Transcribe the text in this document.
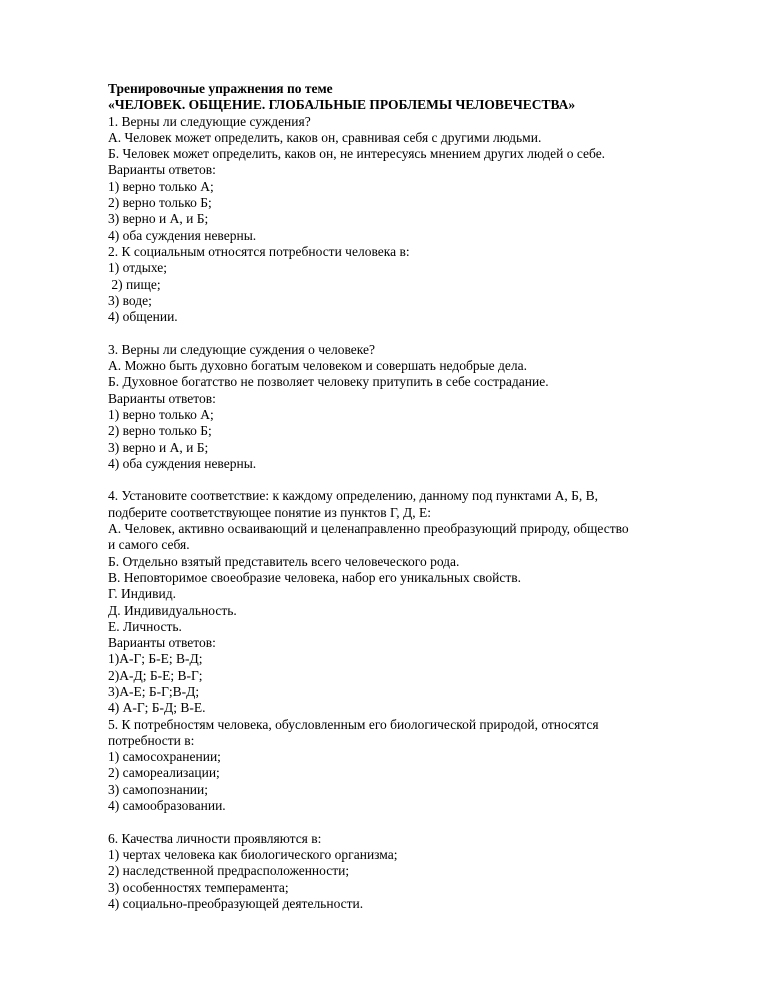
Тренировочные упражнения по теме
«ЧЕЛОВЕК. ОБЩЕНИЕ. ГЛОБАЛЬНЫЕ ПРОБЛЕМЫ ЧЕЛОВЕЧЕСТВА»
1. Верны ли следующие суждения?
А. Человек может определить, каков он, сравнивая себя с другими людьми.
Б. Человек может определить, каков он, не интересуясь мнением других людей о себе.
Варианты ответов:
1) верно только А;
2) верно только Б;
3) верно и А, и Б;
4) оба суждения неверны.
2. К социальным относятся потребности человека в:
1) отдыхе;
2) пище;
3) воде;
4) общении.
3. Верны ли следующие суждения о человеке?
А. Можно быть духовно богатым человеком и совершать недобрые дела.
Б. Духовное богатство не позволяет человеку притупить в себе сострадание.
Варианты ответов:
1) верно только А;
2) верно только Б;
3) верно и А, и Б;
4) оба суждения неверны.
4. Установите соответствие: к каждому определению, данному под пунктами А, Б, В,
подберите соответствующее понятие из пунктов Г, Д, Е:
А. Человек, активно осваивающий и целенаправленно преобразующий природу, общество
и самого себя.
Б. Отдельно взятый представитель всего человеческого рода.
В. Неповторимое своеобразие человека, набор его уникальных свойств.
Г. Индивид.
Д. Индивидуальность.
Е. Личность.
Варианты ответов:
1)А-Г; Б-Е; В-Д;
2)А-Д; Б-Е; В-Г;
3)А-Е; Б-Г;В-Д;
4) А-Г; Б-Д; В-Е.
5. К потребностям человека, обусловленным его биологической природой, относятся
потребности в:
1) самосохранении;
2) самореализации;
3) самопознании;
4) самообразовании.
6. Качества личности проявляются в:
1) чертах человека как биологического организма;
2) наследственной предрасположенности;
3) особенностях темперамента;
4) социально-преобразующей деятельности.
